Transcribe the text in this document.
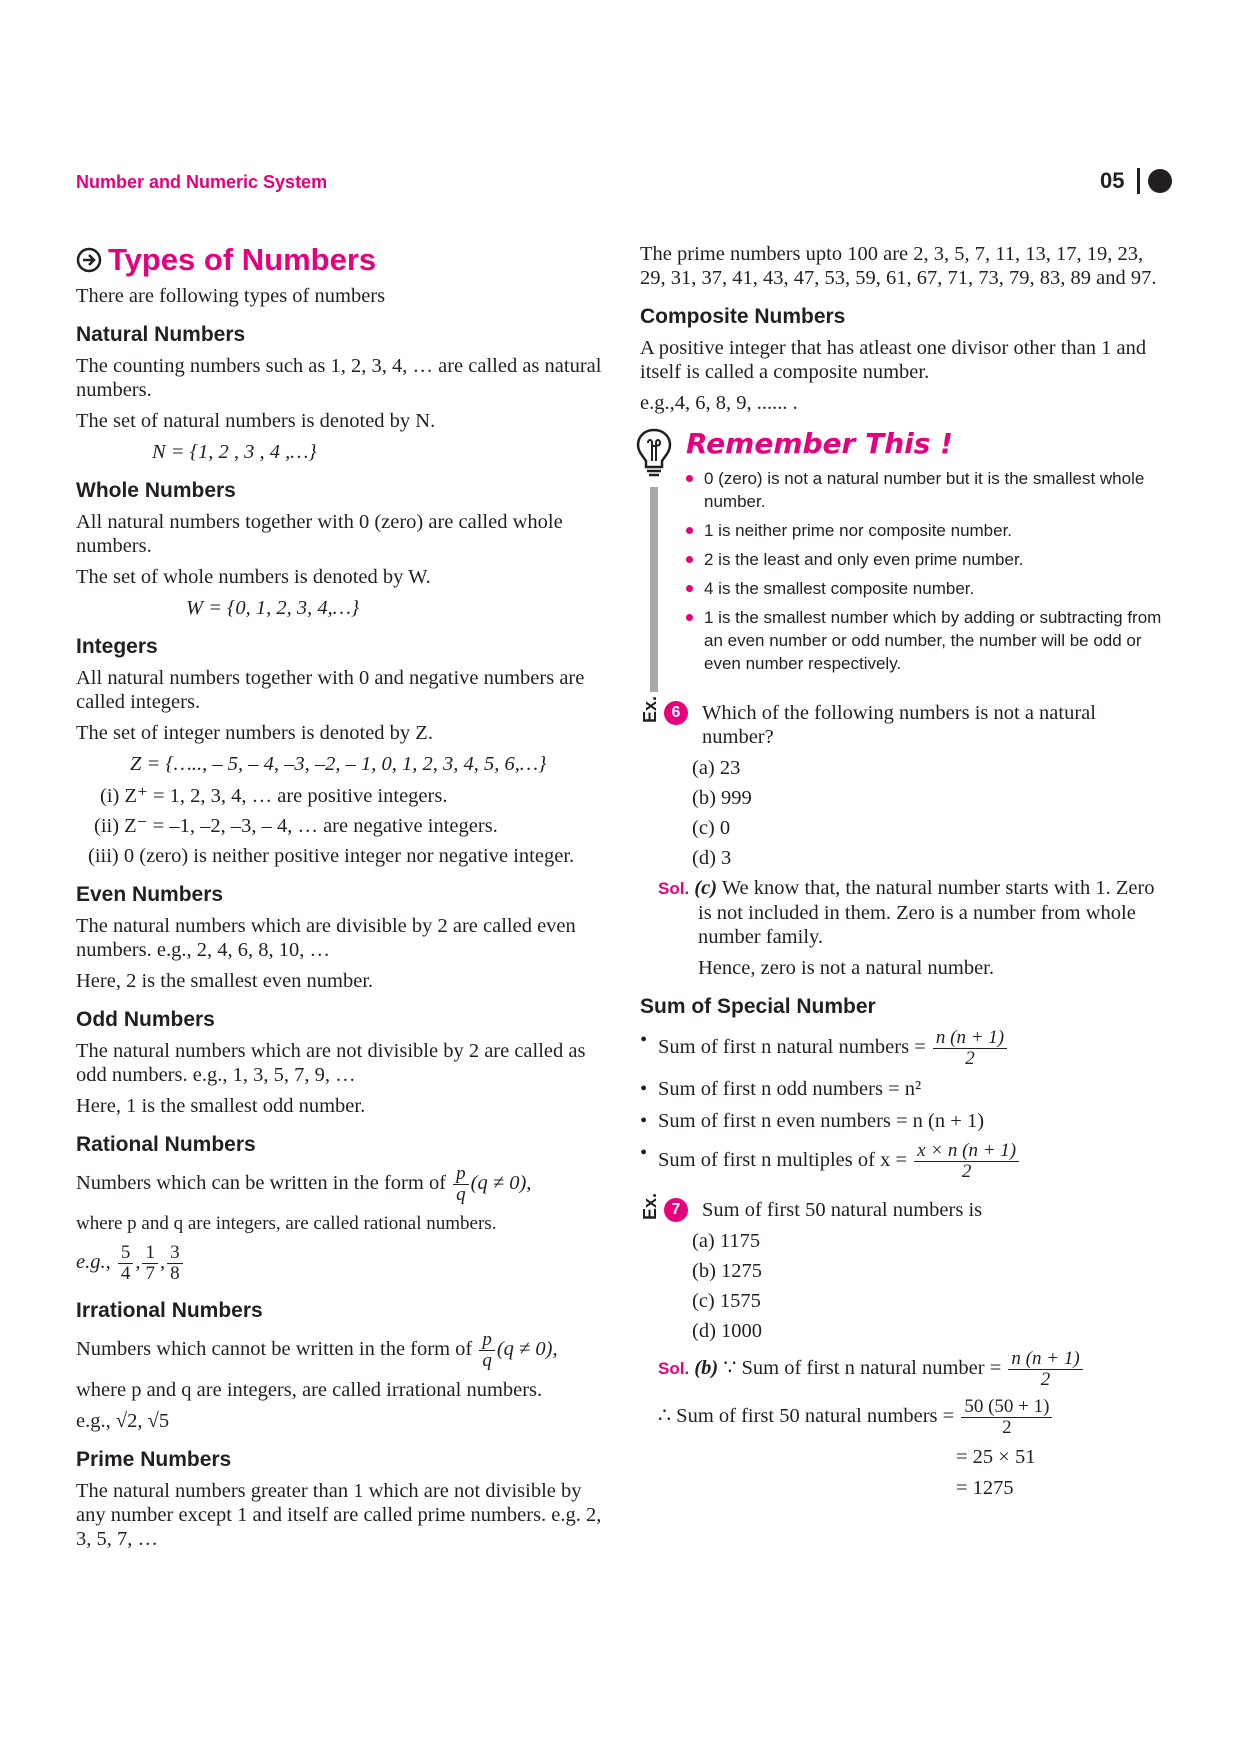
Number and Numeric System	05
Types of Numbers

There are following types of numbers

Natural Numbers

The counting numbers such as 1, 2, 3, 4, … are called as natural numbers.

The set of natural numbers is denoted by N.

N = {1, 2 , 3 , 4 ,…}
Whole Numbers

All natural numbers together with 0 (zero) are called whole numbers.

The set of whole numbers is denoted by W.

W = {0, 1, 2, 3, 4,…}
Integers

All natural numbers together with 0 and negative numbers are called integers.

The set of integer numbers is denoted by Z.

Z = {….., – 5, – 4, –3, –2, – 1, 0, 1, 2, 3, 4, 5, 6,…}
(i) Z⁺ = 1, 2, 3, 4, … are positive integers.
(ii) Z⁻ = –1, –2, –3, – 4, … are negative integers.
(iii) 0 (zero) is neither positive integer nor negative integer.
Even Numbers

The natural numbers which are divisible by 2 are called even numbers. e.g., 2, 4, 6, 8, 10, …

Here, 2 is the smallest even number.

Odd Numbers

The natural numbers which are not divisible by 2 are called as odd numbers. e.g., 1, 3, 5, 7, 9, …

Here, 1 is the smallest odd number.

Rational Numbers

Numbers which can be written in the form of $\frac{p}{q} (q \ne 0)$,

where p and q are integers, are called rational numbers.

e.g., $\frac{5}{4}$ , $\frac{1}{7}$ , $\frac{3}{8}$

Irrational Numbers

Numbers which cannot be written in the form of $\frac{p}{q} (q \ne 0)$,

where p and q are integers, are called irrational numbers.

e.g., √2, √5

Prime Numbers

The natural numbers greater than 1 which are not divisible by any number except 1 and itself are called prime numbers. e.g. 2, 3, 5, 7, …

The prime numbers upto 100 are 2, 3, 5, 7, 11, 13, 17, 19, 23, 29, 31, 37, 41, 43, 47, 53, 59, 61, 67, 71, 73, 79, 83, 89 and 97.

Composite Numbers

A positive integer that has atleast one divisor other than 1 and itself is called a composite number.

e.g.,4, 6, 8, 9, ...... .

Remember This !
0 (zero) is not a natural number but it is the smallest whole number.
1 is neither prime nor composite number.
2 is the least and only even prime number.
4 is the smallest composite number.
1 is the smallest number which by adding or subtracting from an even number or odd number, the number will be odd or even number respectively.
Ex. 6	Which of the following numbers is not a natural number?

(a) 23
(b) 999
(c) 0
(d) 3

Sol. (c) We know that, the natural number starts with 1. Zero is not included in them. Zero is a number from whole number family.

Hence, zero is not a natural number.

Sum of Special Number
• Sum of first n natural numbers = $\frac{n (n + 1)}{2}$
• Sum of first n odd numbers = n²
• Sum of first n even numbers = n (n + 1)
• Sum of first n multiples of $x = \frac{x \times n (n + 1)}{2}$
Ex. 7	Sum of first 50 natural numbers is

(a) 1175
(b) 1275
(c) 1575
(d) 1000

Sol. (b) ∵ Sum of first n natural number = $\frac{n (n + 1)}{2}$

∴ Sum of first 50 natural numbers = $\frac{50 (50 + 1)}{2}$

= 25 × 51

= 1275
